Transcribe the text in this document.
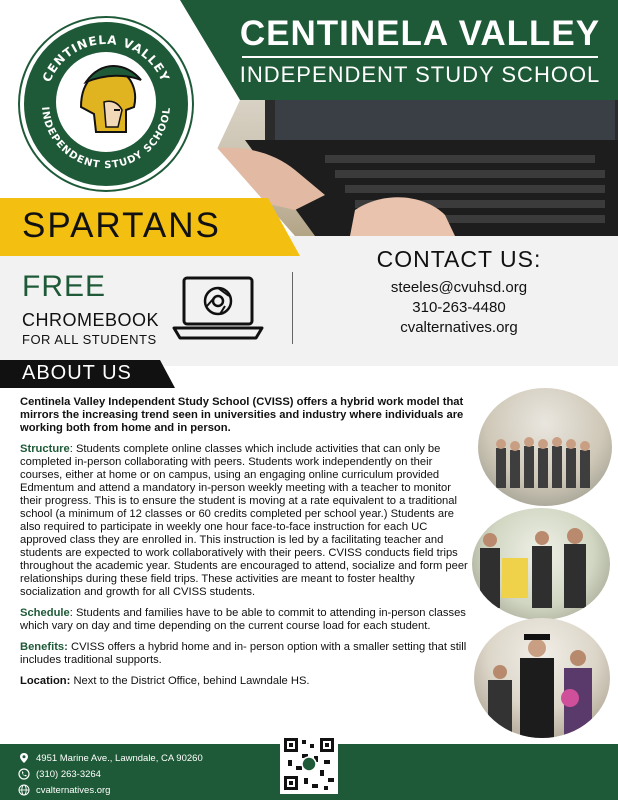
CENTINELA VALLEY
INDEPENDENT STUDY SCHOOL
CENTINELA VALLEY
INDEPENDENT STUDY SCHOOL
SPARTANS
FREE
CHROMEBOOK
FOR ALL STUDENTS
CONTACT US:
steeles@cvuhsd.org
310-263-4480
cvalternatives.org
ABOUT US

Centinela Valley Independent Study School (CVISS) offers a hybrid work model that mirrors the increasing trend seen in universities and industry where individuals are working both from home and in person.

Structure: Students complete online classes which include activities that can only be completed in-person collaborating with peers. Students work independently on their courses, either at home or on campus, using an engaging online curriculum provided Edmentum and attend a mandatory in-person weekly meeting with a teacher to monitor their progress. This is to ensure the student is moving at a rate equivalent to a traditional school (a minimum of 12 classes or 60 credits completed per school year.) Students are also required to participate in weekly one hour face-to-face instruction for each UC approved class they are enrolled in. This instruction is led by a facilitating teacher and students are expected to work collaboratively with their peers. CVISS conducts field trips throughout the academic year. Students are encouraged to attend, socialize and form peer relationships during these field trips. These activities are meant to foster healthy socialization and growth for all CVISS students.

Schedule: Students and families have to be able to commit to attending in-person classes which vary on day and time depending on the current course load for each student.

Benefits: CVISS offers a hybrid home and in- person option with a smaller setting that still includes traditional supports.

Location: Next to the District Office, behind Lawndale HS.

4951 Marine Ave., Lawndale, CA 90260
(310) 263-3264
cvalternatives.org
